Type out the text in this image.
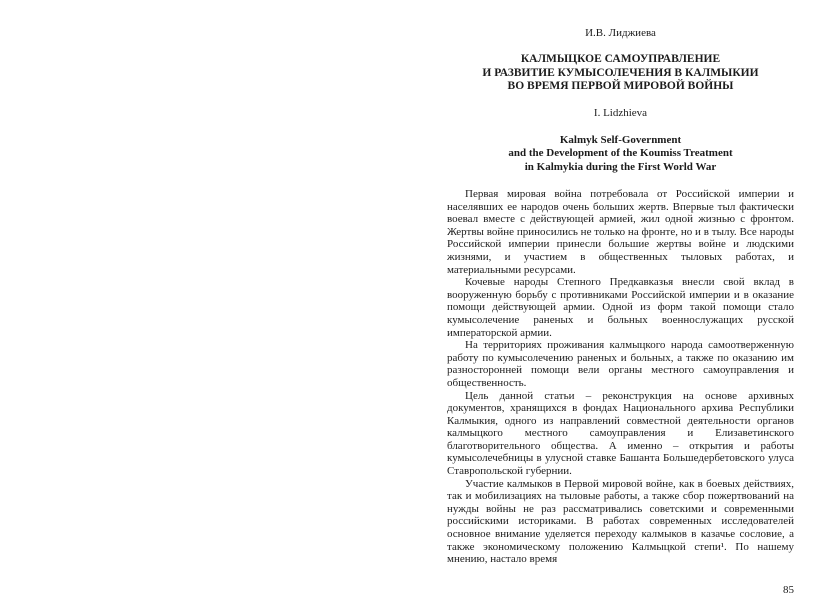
И.В. Лиджиева
КАЛМЫЦКОЕ САМОУПРАВЛЕНИЕ
И РАЗВИТИЕ КУМЫСОЛЕЧЕНИЯ В КАЛМЫКИИ
ВО ВРЕМЯ ПЕРВОЙ МИРОВОЙ ВОЙНЫ
I. Lidzhieva
Kalmyk Self-Government
and the Development of the Koumiss Treatment
in Kalmykia during the First World War

Первая мировая война потребовала от Российской империи и населявших ее народов очень больших жертв. Впервые тыл фактически воевал вместе с действующей армией, жил одной жизнью с фронтом. Жертвы войне приносились не только на фронте, но и в тылу. Все народы Российской империи принесли большие жертвы войне и людскими жизнями, и участием в общественных тыловых работах, и материальными ресурсами.

Кочевые народы Степного Предкавказья внесли свой вклад в вооруженную борьбу с противниками Российской империи и в оказание помощи действующей армии. Одной из форм такой помощи стало кумысолечение раненых и больных военнослужащих русской императорской армии.

На территориях проживания калмыцкого народа самоотверженную работу по кумысолечению раненых и больных, а также по оказанию им разносторонней помощи вели органы местного самоуправления и общественность.

Цель данной статьи – реконструкция на основе архивных документов, хранящихся в фондах Национального архива Республики Калмыкия, одного из направлений совместной деятельности органов калмыцкого местного самоуправления и Елизаветинского благотворительного общества. А именно – открытия и работы кумысолечебницы в улусной ставке Башанта Большедербетовского улуса Ставропольской губернии.

Участие калмыков в Первой мировой войне, как в боевых действиях, так и мобилизациях на тыловые работы, а также сбор пожертвований на нужды войны не раз рассматривались советскими и современными российскими историками. В работах современных исследователей основное внимание уделяется переходу калмыков в казачье сословие, а также экономическому положению Калмыцкой степи¹. По нашему мнению, настало время

85
